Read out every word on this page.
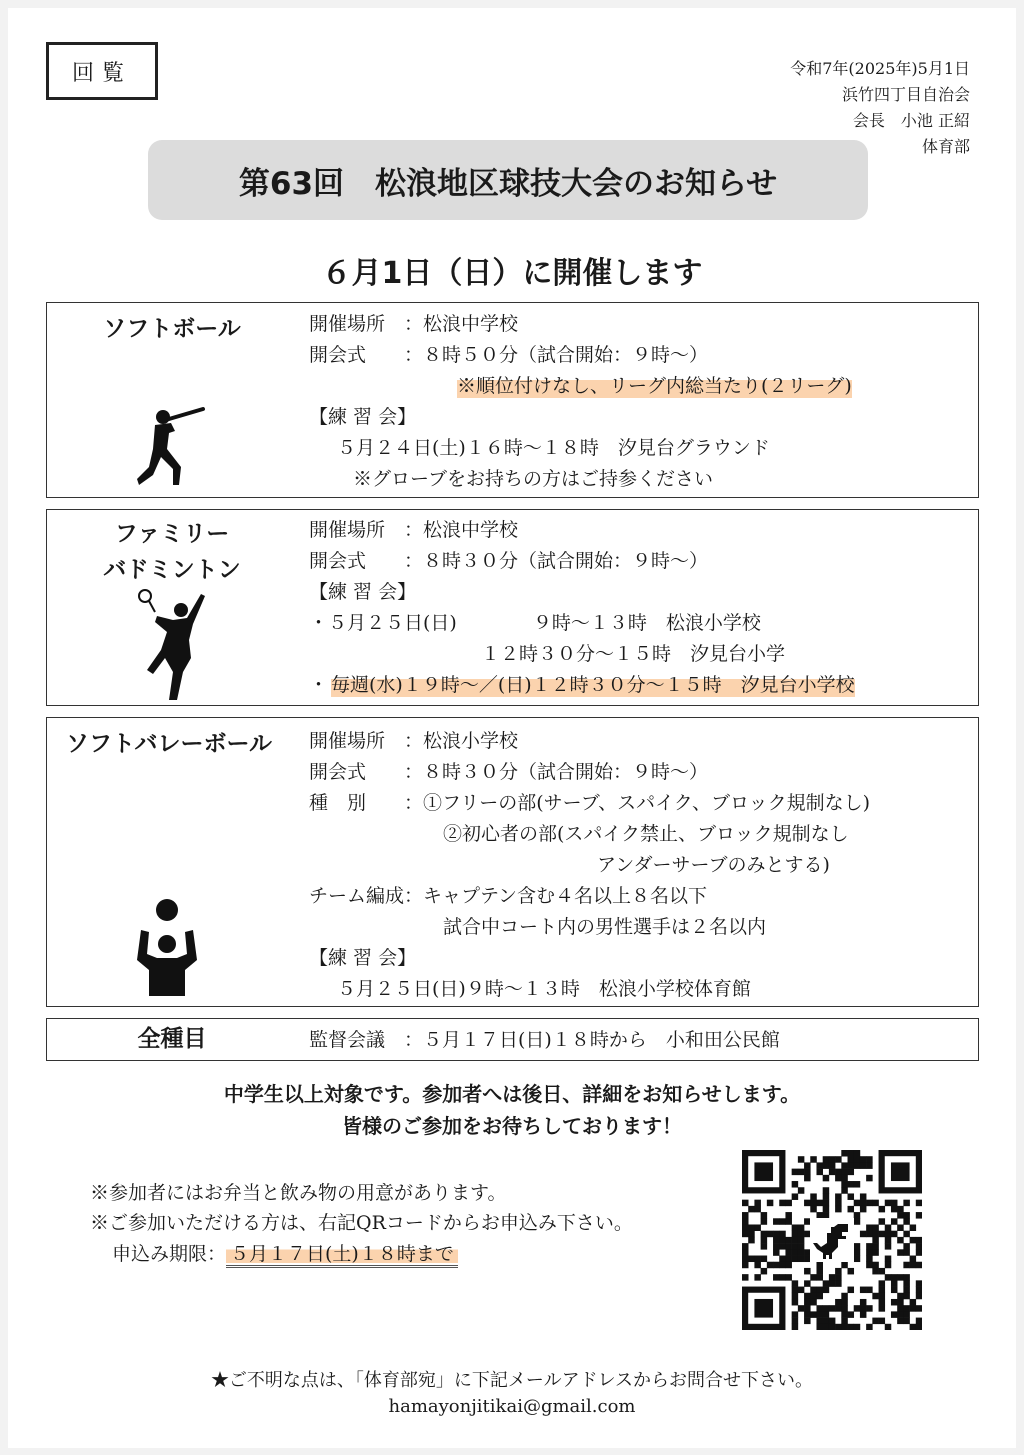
回覧	令和7年(2025年)5月1日
浜竹四丁目自治会
会長　小池 正紹
体育部
第63回　松浪地区球技大会のお知らせ
６月1日（日）に開催します
ソフトボール	開催場所　：松浪中学校
開会式　　：８時５０分（試合開始：９時〜）
※順位付けなし、リーグ内総当たり(２リーグ)
【練 習 会】
５月２４日(土)１６時〜１８時　汐見台グラウンド
※グローブをお持ちの方はご持参ください
ファミリー
バドミントン
開催場所　：松浪中学校
開会式　　：８時３０分（試合開始：９時〜）
【練 習 会】
・５月２５日(日)　　　　９時〜１３時　松浪小学校
１２時３０分〜１５時　汐見台小学
・ 毎週(水)１９時〜／(日)１２時３０分〜１５時　汐見台小学校
ソフトバレーボール	開催場所　：松浪小学校
開会式　　：８時３０分（試合開始：９時〜）
種　別　　：①フリーの部(サーブ、スパイク、ブロック規制なし)
②初心者の部(スパイク禁止、ブロック規制なし
アンダーサーブのみとする)
チーム編成：キャプテン含む４名以上８名以下
試合中コート内の男性選手は２名以内
【練 習 会】
５月２５日(日)９時〜１３時　松浪小学校体育館
全種目	監督会議　：５月１７日(日)１８時から　小和田公民館
中学生以上対象です。参加者へは後日、詳細をお知らせします。
皆様のご参加をお待ちしております！
※参加者にはお弁当と飲み物の用意があります。
※ご参加いただける方は、右記QRコードからお申込み下さい。
申込み期限： ５月１７日(土)１８時まで
★ご不明な点は、「体育部宛」に下記メールアドレスからお問合せ下さい。
hamayonjitikai@gmail.com
